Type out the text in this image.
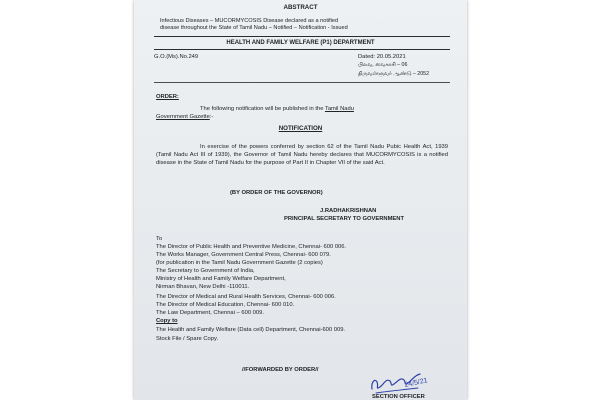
ABSTRACT
Infectious Diseases – MUCORMYCOSIS Disease declared as a notified
disease throughout the State of Tamil Nadu – Notified – Notification - Issued
HEALTH AND FAMILY WELFARE (P1) DEPARTMENT
G.O.(Ms).No.249	Dated: 20.05.2021
பிலவ, வைகாசி – 06
திருவள்ளுவர் ஆண்டு – 2052
ORDER:
The following notification will be published in the Tamil Nadu
Government Gazette:-
NOTIFICATION
In exercise of the powers conferred by section 62 of the Tamil Nadu Pubic Health Act, 1939 (Tamil Nadu Act III of 1939), the Governor of Tamil Nadu hereby declares that MUCORMYCOSIS is a notified disease in the State of Tamil Nadu for the purpose of Part II in Chapter VII of the said Act.
(BY ORDER OF THE GOVERNOR)
J.RADHAKRISHNAN
PRINCIPAL SECRETARY TO GOVERNMENT
To
The Director of Public Health and Preventive Medicine, Chennai- 600 006.
The Works Manager, Government Central Press, Chennai- 600 079.
(for publication in the Tamil Nadu Government Gazette (2 copies)
The Secretary to Government of India,
Ministry of Health and Family Welfare Department,
Nirman Bhavan, New Delhi -110011.
The Director of Medical and Rural Health Services, Chennai- 600 006.
The Director of Medical Education, Chennai- 600 010.
The Law Department, Chennai – 600 009.
Copy to
The Health and Family Welfare (Data cell) Department, Chennai-600 009.
Stock File / Spare Copy.
//FORWARDED BY ORDER//
24/5/21
SECTION OFFICER
